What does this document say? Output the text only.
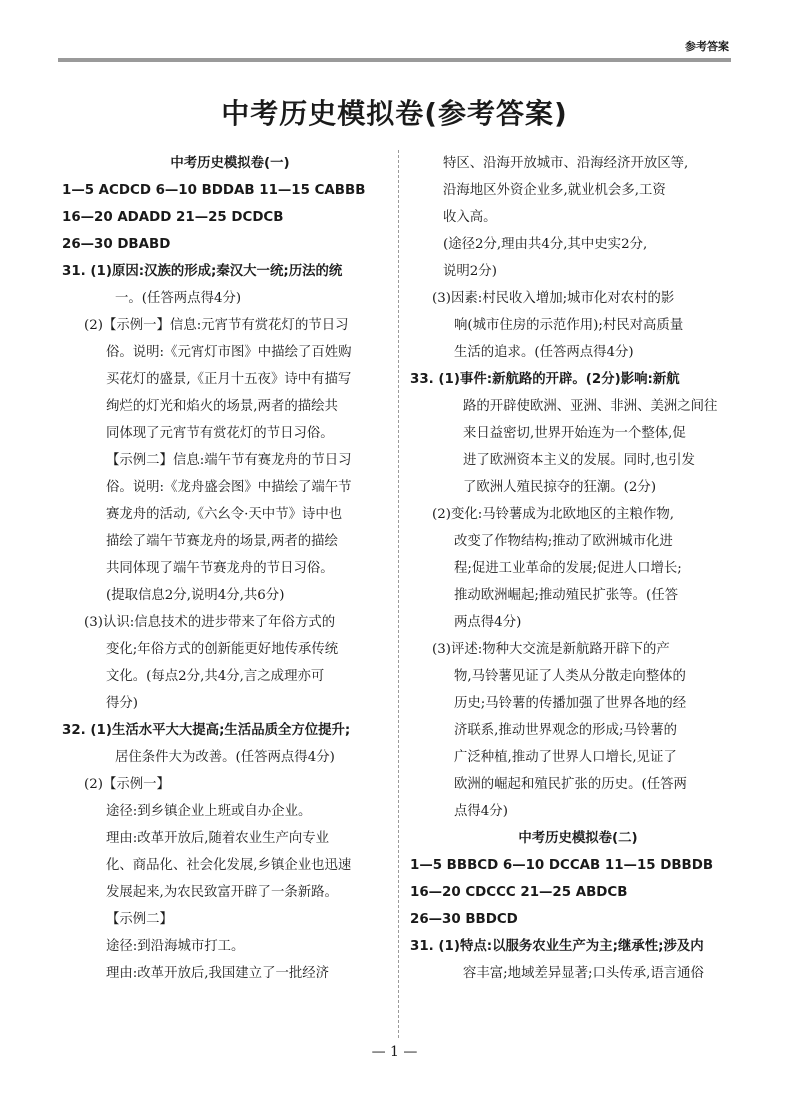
参考答案
中考历史模拟卷(参考答案)
中考历史模拟卷(一)
1—5 ACDCD 6—10 BDDAB 11—15 CABBB
16—20 ADADD 21—25 DCDCB
26—30 DBABD
31. (1)原因:汉族的形成;秦汉大一统;历法的统
一。(任答两点得4分)
(2)【示例一】信息:元宵节有赏花灯的节日习
俗。说明:《元宵灯市图》中描绘了百姓购
买花灯的盛景,《正月十五夜》诗中有描写
绚烂的灯光和焰火的场景,两者的描绘共
同体现了元宵节有赏花灯的节日习俗。
【示例二】信息:端午节有赛龙舟的节日习
俗。说明:《龙舟盛会图》中描绘了端午节
赛龙舟的活动,《六幺令·天中节》诗中也
描绘了端午节赛龙舟的场景,两者的描绘
共同体现了端午节赛龙舟的节日习俗。
(提取信息2分,说明4分,共6分)
(3)认识:信息技术的进步带来了年俗方式的
变化;年俗方式的创新能更好地传承传统
文化。(每点2分,共4分,言之成理亦可
得分)
32. (1)生活水平大大提高;生活品质全方位提升;
居住条件大为改善。(任答两点得4分)
(2)【示例一】
途径:到乡镇企业上班或自办企业。
理由:改革开放后,随着农业生产向专业
化、商品化、社会化发展,乡镇企业也迅速
发展起来,为农民致富开辟了一条新路。
【示例二】
途径:到沿海城市打工。
理由:改革开放后,我国建立了一批经济
特区、沿海开放城市、沿海经济开放区等,
沿海地区外资企业多,就业机会多,工资
收入高。
(途径2分,理由共4分,其中史实2分,
说明2分)
(3)因素:村民收入增加;城市化对农村的影
响(城市住房的示范作用);村民对高质量
生活的追求。(任答两点得4分)
33. (1)事件:新航路的开辟。(2分)影响:新航
路的开辟使欧洲、亚洲、非洲、美洲之间往
来日益密切,世界开始连为一个整体,促
进了欧洲资本主义的发展。同时,也引发
了欧洲人殖民掠夺的狂潮。(2分)
(2)变化:马铃薯成为北欧地区的主粮作物,
改变了作物结构;推动了欧洲城市化进
程;促进工业革命的发展;促进人口增长;
推动欧洲崛起;推动殖民扩张等。(任答
两点得4分)
(3)评述:物种大交流是新航路开辟下的产
物,马铃薯见证了人类从分散走向整体的
历史;马铃薯的传播加强了世界各地的经
济联系,推动世界观念的形成;马铃薯的
广泛种植,推动了世界人口增长,见证了
欧洲的崛起和殖民扩张的历史。(任答两
点得4分)
中考历史模拟卷(二)
1—5 BBBCD 6—10 DCCAB 11—15 DBBDB
16—20 CDCCC 21—25 ABDCB
26—30 BBDCD
31. (1)特点:以服务农业生产为主;继承性;涉及内
容丰富;地域差异显著;口头传承,语言通俗
— 1 —
